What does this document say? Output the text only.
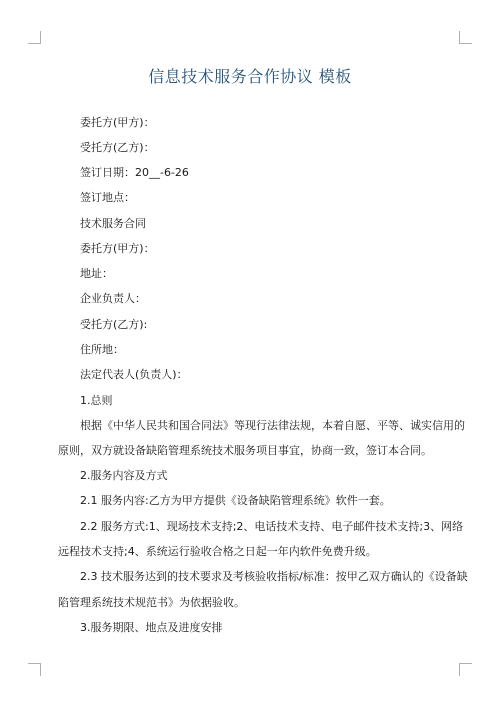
信息技术服务合作协议 模板
委托方(甲方)：
受托方(乙方)：
签订日期：20__-6-26
签订地点：
技术服务合同
委托方(甲方)：
地址：
企业负责人：
受托方(乙方):
住所地：
法定代表人(负责人)：
1.总则
根据《中华人民共和国合同法》等现行法律法规，本着自愿、平等、诚实信用的
原则，双方就设备缺陷管理系统技术服务项目事宜，协商一致，签订本合同。
2.服务内容及方式
2.1 服务内容:乙方为甲方提供《设备缺陷管理系统》软件一套。
2.2 服务方式:1、现场技术支持;2、电话技术支持、电子邮件技术支持;3、网络
远程技术支持;4、系统运行验收合格之日起一年内软件免费升级。
2.3 技术服务达到的技术要求及考核验收指标/标准：按甲乙双方确认的《设备缺
陷管理系统技术规范书》为依据验收。
3.服务期限、地点及进度安排
